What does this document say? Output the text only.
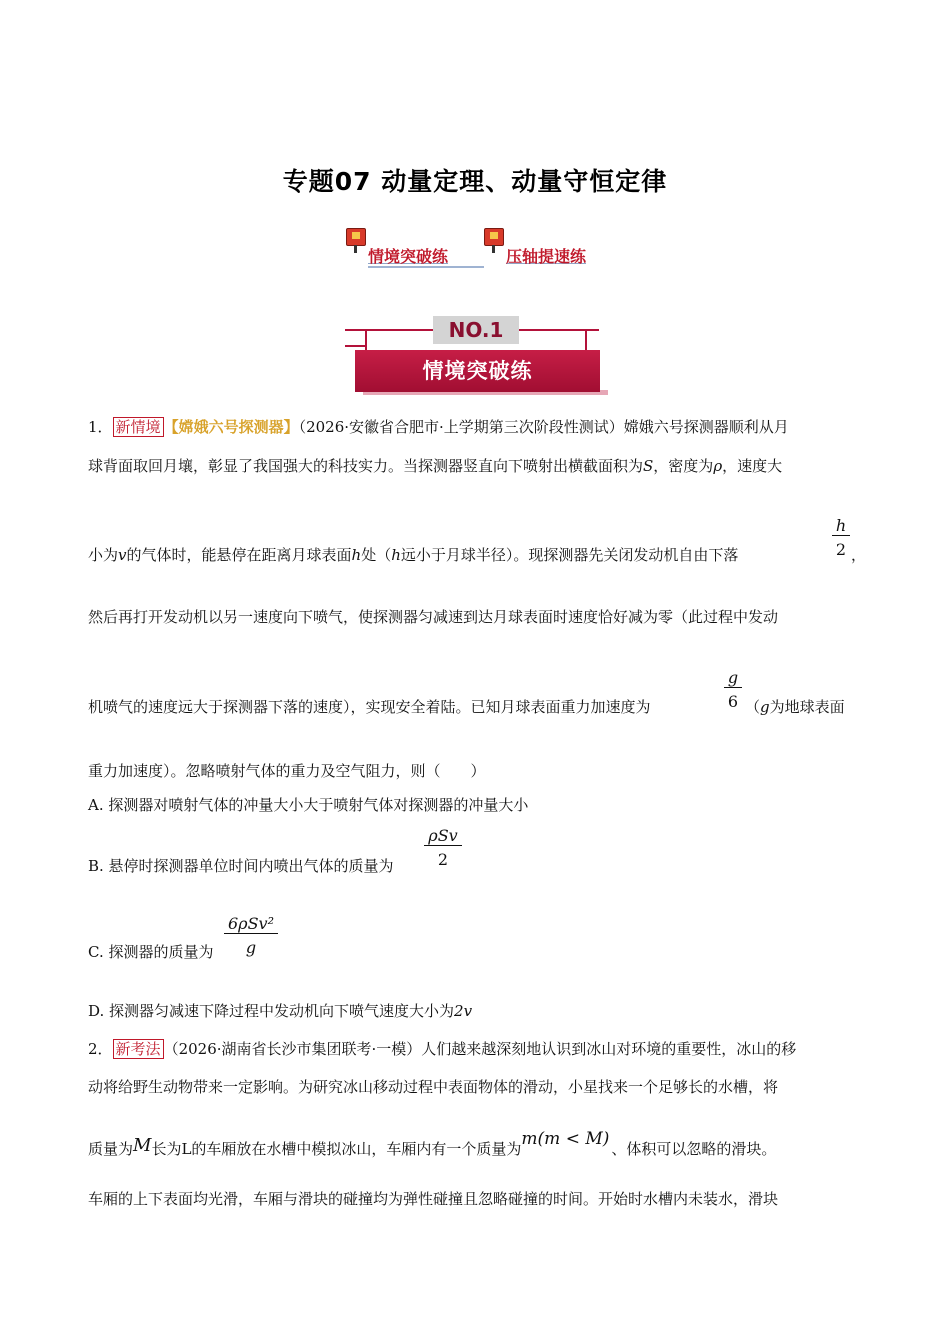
专题07 动量定理、动量守恒定律
情境突破练	压轴提速练
NO.1
情境突破练
1． 新情境 【嫦娥六号探测器】（2026·安徽省合肥市·上学期第三次阶段性测试）嫦娥六号探测器顺利从月
球背面取回月壤，彰显了我国强大的科技实力。当探测器竖直向下喷射出横截面积为S，密度为ρ，速度大
小为v的气体时，能悬停在距离月球表面h处（h远小于月球半径）。现探测器先关闭发动机自由下落
h
2 ，
然后再打开发动机以另一速度向下喷气，使探测器匀减速到达月球表面时速度恰好减为零（此过程中发动
机喷气的速度远大于探测器下落的速度），实现安全着陆。已知月球表面重力加速度为
g
6 （g为地球表面
重力加速度）。忽略喷射气体的重力及空气阻力，则（　　）
A. 探测器对喷射气体的冲量大小大于喷射气体对探测器的冲量大小
B. 悬停时探测器单位时间内喷出气体的质量为
ρSv
2
C. 探测器的质量为
6ρSv²
g
D. 探测器匀减速下降过程中发动机向下喷气速度大小为2v
2． 新考法 （2026·湖南省长沙市集团联考·一模）人们越来越深刻地认识到冰山对环境的重要性，冰山的移
动将给野生动物带来一定影响。为研究冰山移动过程中表面物体的滑动，小星找来一个足够长的水槽，将
质量为M长为L的车厢放在水槽中模拟冰山，车厢内有一个质量为m(m < M) 、体积可以忽略的滑块。
车厢的上下表面均光滑，车厢与滑块的碰撞均为弹性碰撞且忽略碰撞的时间。开始时水槽内未装水，滑块
